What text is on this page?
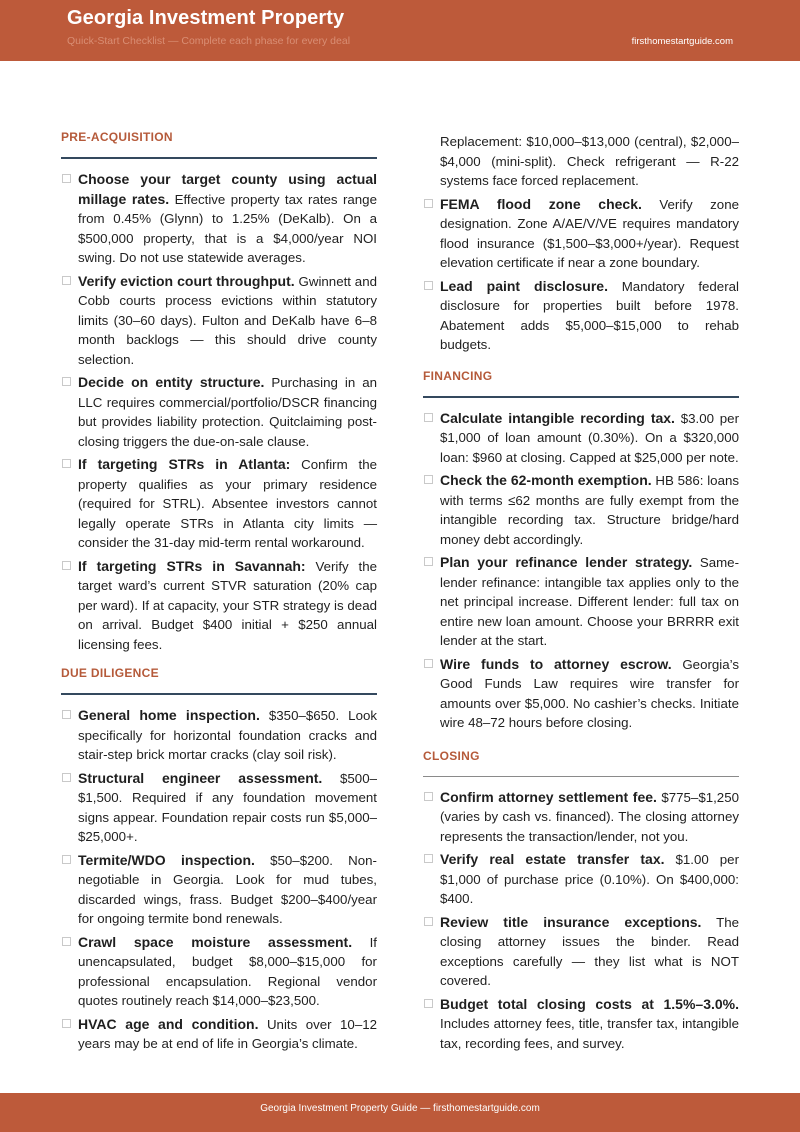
Georgia Investment Property
Quick-Start Checklist — Complete each phase for every deal	firsthomestartguide.com
PRE-ACQUISITION
Choose your target county using actual millage rates. Effective property tax rates range from 0.45% (Glynn) to 1.25% (DeKalb). On a $500,000 property, that is a $4,000/year NOI swing. Do not use statewide averages.
Verify eviction court throughput. Gwinnett and Cobb courts process evictions within statutory limits (30–60 days). Fulton and DeKalb have 6–8 month backlogs — this should drive county selection.
Decide on entity structure. Purchasing in an LLC requires commercial/portfolio/DSCR financing but provides liability protection. Quitclaiming post-closing triggers the due-on-sale clause.
If targeting STRs in Atlanta: Confirm the property qualifies as your primary residence (required for STRL). Absentee investors cannot legally operate STRs in Atlanta city limits — consider the 31-day mid-term rental workaround.
If targeting STRs in Savannah: Verify the target ward’s current STVR saturation (20% cap per ward). If at capacity, your STR strategy is dead on arrival. Budget $400 initial + $250 annual licensing fees.
DUE DILIGENCE
General home inspection. $350–$650. Look specifically for horizontal foundation cracks and stair-step brick mortar cracks (clay soil risk).
Structural engineer assessment. $500–$1,500. Required if any foundation movement signs appear. Foundation repair costs run $5,000–$25,000+.
Termite/WDO inspection. $50–$200. Non-negotiable in Georgia. Look for mud tubes, discarded wings, frass. Budget $200–$400/year for ongoing termite bond renewals.
Crawl space moisture assessment. If unencapsulated, budget $8,000–$15,000 for professional encapsulation. Regional vendor quotes routinely reach $14,000–$23,500.
HVAC age and condition. Units over 10–12 years may be at end of life in Georgia’s climate.
Replacement: $10,000–$13,000 (central), $2,000–$4,000 (mini-split). Check refrigerant — R-22 systems face forced replacement.
FEMA flood zone check. Verify zone designation. Zone A/AE/V/VE requires mandatory flood insurance ($1,500–$3,000+/year). Request elevation certificate if near a zone boundary.
Lead paint disclosure. Mandatory federal disclosure for properties built before 1978. Abatement adds $5,000–$15,000 to rehab budgets.
FINANCING
Calculate intangible recording tax. $3.00 per $1,000 of loan amount (0.30%). On a $320,000 loan: $960 at closing. Capped at $25,000 per note.
Check the 62-month exemption. HB 586: loans with terms ≤62 months are fully exempt from the intangible recording tax. Structure bridge/hard money debt accordingly.
Plan your refinance lender strategy. Same-lender refinance: intangible tax applies only to the net principal increase. Different lender: full tax on entire new loan amount. Choose your BRRRR exit lender at the start.
Wire funds to attorney escrow. Georgia’s Good Funds Law requires wire transfer for amounts over $5,000. No cashier’s checks. Initiate wire 48–72 hours before closing.
CLOSING
Confirm attorney settlement fee. $775–$1,250 (varies by cash vs. financed). The closing attorney represents the transaction/lender, not you.
Verify real estate transfer tax. $1.00 per $1,000 of purchase price (0.10%). On $400,000: $400.
Review title insurance exceptions. The closing attorney issues the binder. Read exceptions carefully — they list what is NOT covered.
Budget total closing costs at 1.5%–3.0%. Includes attorney fees, title, transfer tax, intangible tax, recording fees, and survey.
Georgia Investment Property Guide — firsthomestartguide.com
